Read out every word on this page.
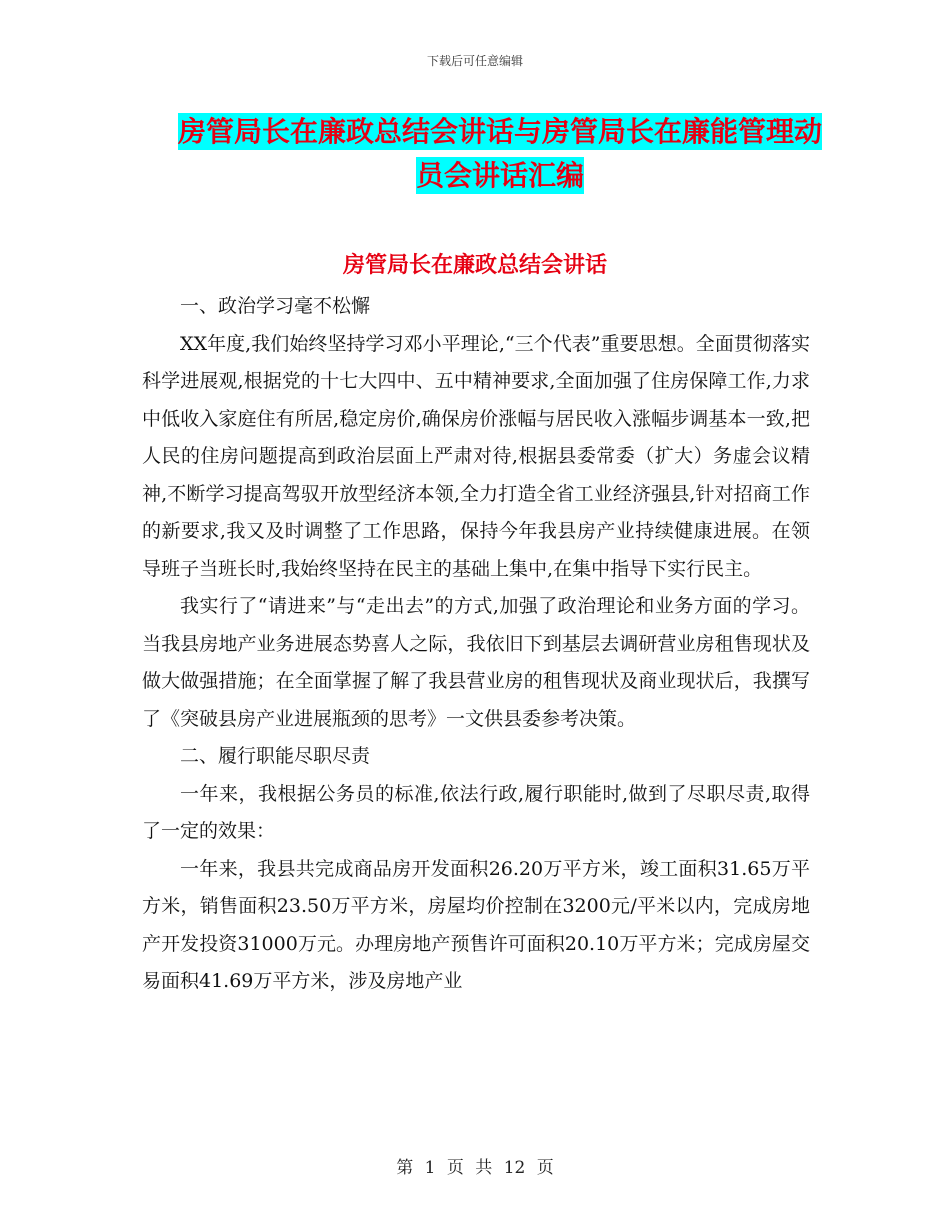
下载后可任意编辑
房管局长在廉政总结会讲话与房管局长在廉能管理动
员会讲话汇编
房管局长在廉政总结会讲话

一、政治学习毫不松懈

XX年度,我们始终坚持学习邓小平理论,“三个代表”重要思想。全面贯彻落实科学进展观,根据党的十七大四中、五中精神要求,全面加强了住房保障工作,力求中低收入家庭住有所居,稳定房价,确保房价涨幅与居民收入涨幅步调基本一致,把人民的住房问题提高到政治层面上严肃对待,根据县委常委（扩大）务虚会议精神,不断学习提高驾驭开放型经济本领,全力打造全省工业经济强县,针对招商工作的新要求,我又及时调整了工作思路，保持今年我县房产业持续健康进展。在领导班子当班长时,我始终坚持在民主的基础上集中,在集中指导下实行民主。

我实行了“请进来”与“走出去”的方式,加强了政治理论和业务方面的学习。当我县房地产业务进展态势喜人之际，我依旧下到基层去调研营业房租售现状及做大做强措施；在全面掌握了解了我县营业房的租售现状及商业现状后，我撰写了《突破县房产业进展瓶颈的思考》一文供县委参考决策。

二、履行职能尽职尽责

一年来，我根据公务员的标准,依法行政,履行职能时,做到了尽职尽责,取得了一定的效果：

一年来，我县共完成商品房开发面积26.20万平方米，竣工面积31.65万平方米，销售面积23.50万平方米，房屋均价控制在3200元/平米以内，完成房地产开发投资31000万元。办理房地产预售许可面积20.10万平方米；完成房屋交易面积41.69万平方米，涉及房地产业

第 1 页 共 12 页
